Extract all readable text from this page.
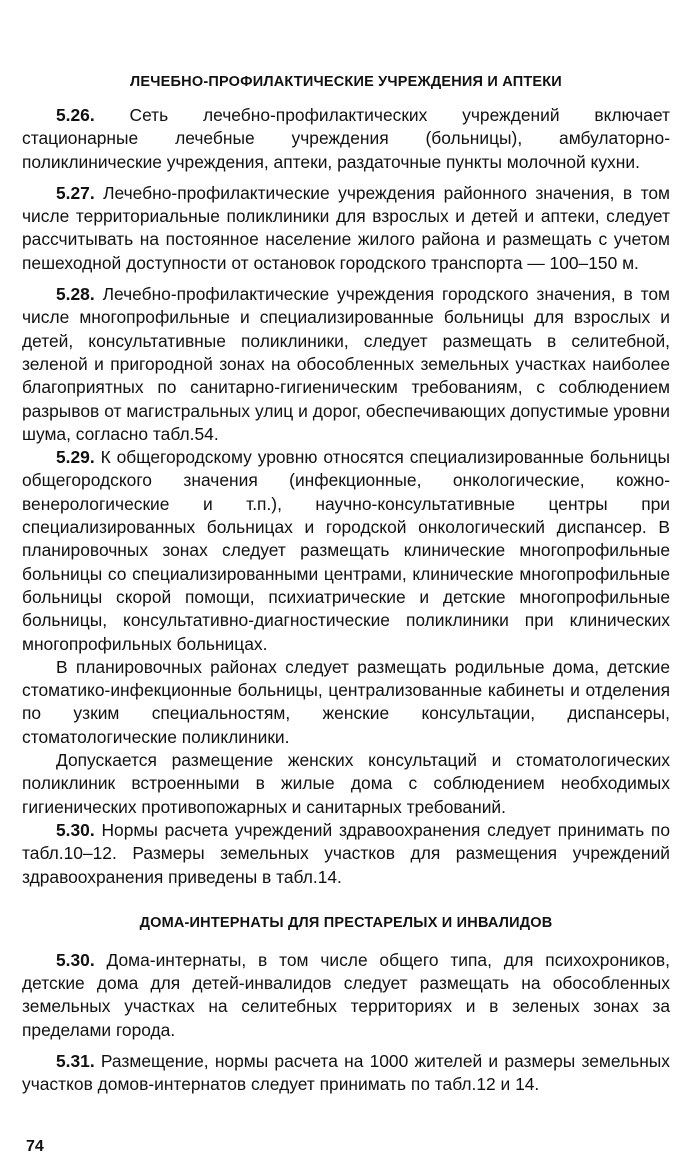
ЛЕЧЕБНО-ПРОФИЛАКТИЧЕСКИЕ УЧРЕЖДЕНИЯ И АПТЕКИ

5.26. Сеть лечебно-профилактических учреждений включает стационарные лечебные учреждения (больницы), амбулаторно-поликлинические учреждения, аптеки, раздаточные пункты молочной кухни.

5.27. Лечебно-профилактические учреждения районного значения, в том числе территориальные поликлиники для взрослых и детей и аптеки, следует рассчитывать на постоянное население жилого района и размещать с учетом пешеходной доступности от остановок городского транспорта — 100–150 м.

5.28. Лечебно-профилактические учреждения городского значения, в том числе многопрофильные и специализированные больницы для взрослых и детей, консультативные поликлиники, следует размещать в селитебной, зеленой и пригородной зонах на обособленных земельных участках наиболее благоприятных по санитарно-гигиеническим требованиям, с соблюдением разрывов от магистральных улиц и дорог, обеспечивающих допустимые уровни шума, согласно табл.54.

5.29. К общегородскому уровню относятся специализированные больницы общегородского значения (инфекционные, онкологические, кожно-венерологические и т.п.), научно-консультативные центры при специализированных больницах и городской онкологический диспансер. В планировочных зонах следует размещать клинические многопрофильные больницы со специализированными центрами, клинические многопрофильные больницы скорой помощи, психиатрические и детские многопрофильные больницы, консультативно-диагностические поликлиники при клинических многопрофильных больницах.

В планировочных районах следует размещать родильные дома, детские стоматико-инфекционные больницы, централизованные кабинеты и отделения по узким специальностям, женские консультации, диспансеры, стоматологические поликлиники.

Допускается размещение женских консультаций и стоматологических поликлиник встроенными в жилые дома с соблюдением необходимых гигиенических противопожарных и санитарных требований.

5.30. Нормы расчета учреждений здравоохранения следует принимать по табл.10–12. Размеры земельных участков для размещения учреждений здравоохранения приведены в табл.14.

ДОМА-ИНТЕРНАТЫ ДЛЯ ПРЕСТАРЕЛЫХ И ИНВАЛИДОВ

5.30. Дома-интернаты, в том числе общего типа, для психохроников, детские дома для детей-инвалидов следует размещать на обособленных земельных участках на селитебных территориях и в зеленых зонах за пределами города.

5.31. Размещение, нормы расчета на 1000 жителей и размеры земельных участков домов-интернатов следует принимать по табл.12 и 14.

74
